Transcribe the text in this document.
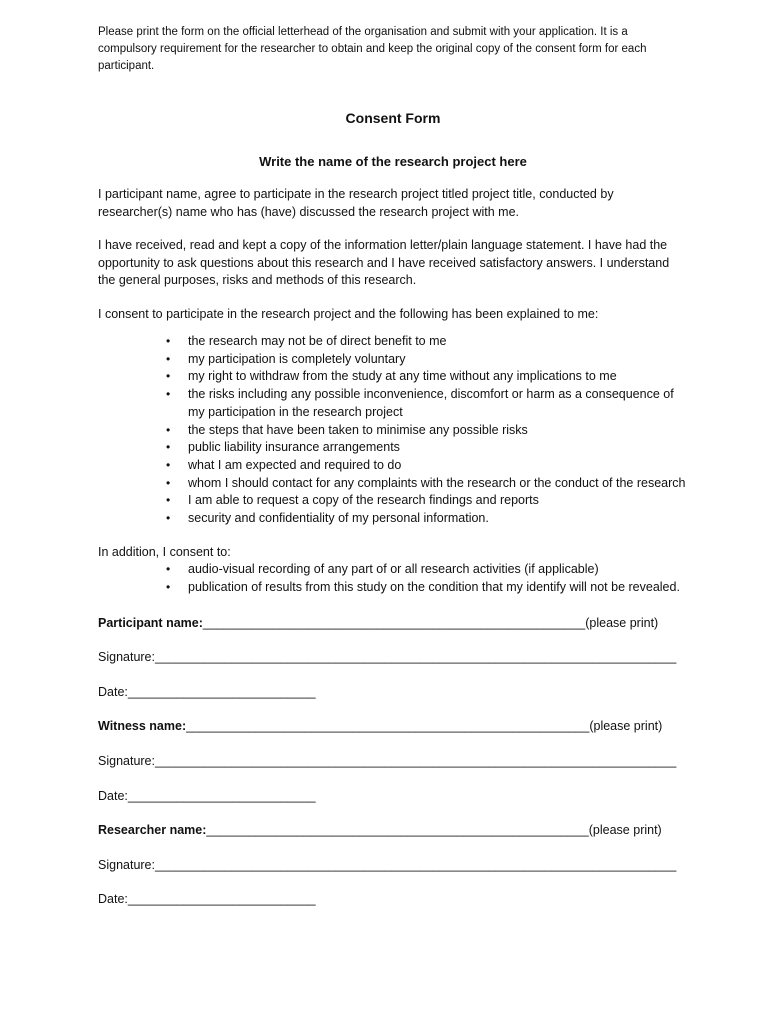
Please print the form on the official letterhead of the organisation and submit with your application. It is a compulsory requirement for the researcher to obtain and keep the original copy of the consent form for each participant.

Consent Form
Write the name of the research project here

I participant name, agree to participate in the research project titled project title, conducted by researcher(s) name who has (have) discussed the research project with me.

I have received, read and kept a copy of the information letter/plain language statement. I have had the opportunity to ask questions about this research and I have received satisfactory answers. I understand the general purposes, risks and methods of this research.

I consent to participate in the research project and the following has been explained to me:

• the research may not be of direct benefit to me
• my participation is completely voluntary
• my right to withdraw from the study at any time without any implications to me
• the risks including any possible inconvenience, discomfort or harm as a consequence of my participation in the research project
• the steps that have been taken to minimise any possible risks
• public liability insurance arrangements
• what I am expected and required to do
• whom I should contact for any complaints with the research or the conduct of the research
• I am able to request a copy of the research findings and reports
• security and confidentiality of my personal information.

In addition, I consent to:

• audio-visual recording of any part of or all research activities (if applicable)
• publication of results from this study on the condition that my identify will not be revealed.
Participant name:_______________________________________________________(please print)
Signature:___________________________________________________________________________
Date:___________________________
Witness name:__________________________________________________________(please print)
Signature:___________________________________________________________________________
Date:___________________________
Researcher name:_______________________________________________________(please print)
Signature:___________________________________________________________________________
Date:___________________________
